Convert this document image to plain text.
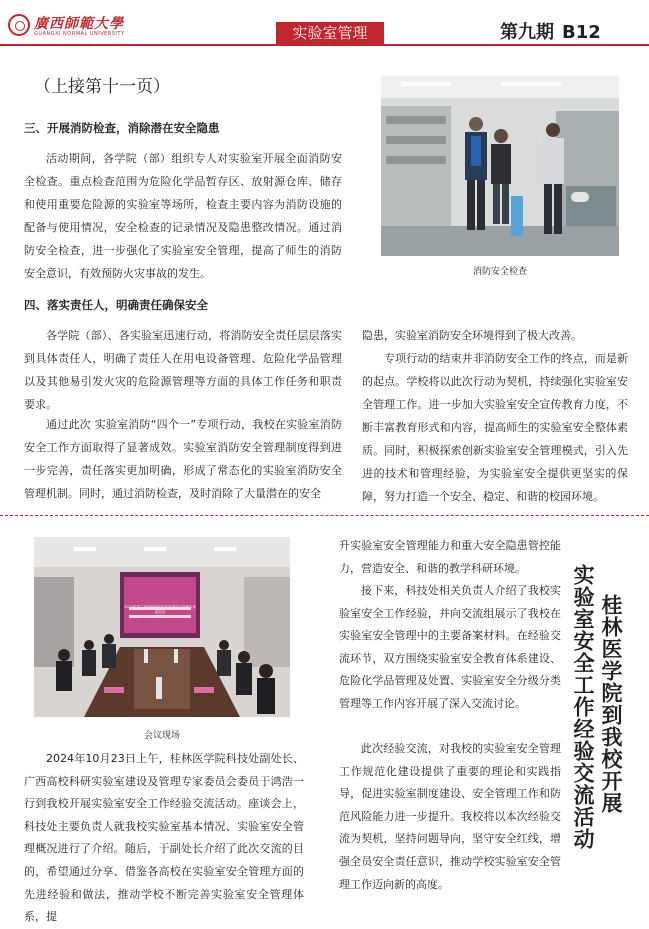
廣西師範大學
GUANGXI NORMAL UNIVERSITY	实验室管理	第九期 B12
（上接第十一页）
三、开展消防检查，消除潜在安全隐患

活动期间，各学院（部）组织专人对实验室开展全面消防安全检查。重点检查范围为危险化学品暂存区、放射源仓库、储存和使用重要危险源的实验室等场所，检查主要内容为消防设施的配备与使用情况，安全检查的记录情况及隐患整改情况。通过消防安全检查，进一步强化了实验室安全管理，提高了师生的消防安全意识，有效预防火灾事故的发生。	消防安全检查
四、落实责任人，明确责任确保安全

各学院（部）、各实验室迅速行动，将消防安全责任层层落实到具体责任人，明确了责任人在用电设备管理、危险化学品管理以及其他易引发火灾的危险源管理等方面的具体工作任务和职责要求。

通过此次 实验室消防“四个一”专项行动，我校在实验室消防安全工作方面取得了显著成效。实验室消防安全管理制度得到进一步完善，责任落实更加明确，形成了常态化的实验室消防安全管理机制。同时，通过消防检查，及时消除了大量潜在的安全

隐患，实验室消防安全环境得到了极大改善。

专项行动的结束并非消防安全工作的终点，而是新的起点。学校将以此次行动为契机，持续强化实验室安全管理工作。进一步加大实验室安全宣传教育力度，不断丰富教育形式和内容，提高师生的实验室安全整体素质。同时，积极探索创新实验室安全管理模式，引入先进的技术和管理经验，为实验室安全提供更坚实的保障，努力打造一个安全、稳定、和谐的校园环境。

2024年度广西高校科研实验室建设与管理专家委员会
会议现场

2024年10月23日上午，桂林医学院科技处副处长、广西高校科研实验室建设及管理专家委员会委员于鸿浩一行到我校开展实验室安全工作经验交流活动。座谈会上，科技处主要负责人就我校实验室基本情况、实验室安全管理概况进行了介绍。随后，于副处长介绍了此次交流的目的，希望通过分享、借鉴各高校在实验室安全管理方面的先进经验和做法，推动学校不断完善实验室安全管理体系，提

升实验室安全管理能力和重大安全隐患管控能力，营造安全、和谐的教学科研环境。

接下来，科技处相关负责人介绍了我校实验室安全工作经验，并向交流组展示了我校在实验室安全管理中的主要备案材料。在经验交流环节，双方围绕实验室安全教育体系建设、危险化学品管理及处置、实验室安全分级分类管理等工作内容开展了深入交流讨论。

此次经验交流，对我校的实验室安全管理工作规范化建设提供了重要的理论和实践指导，促进实验室制度建设、安全管理工作和防范风险能力进一步提升。我校将以本次经验交流为契机，坚持问题导向，坚守安全红线，增强全员安全责任意识，推动学校实验室安全管理工作迈向新的高度。

桂林医学院到我校开展
实验室安全工作经验交流活动
